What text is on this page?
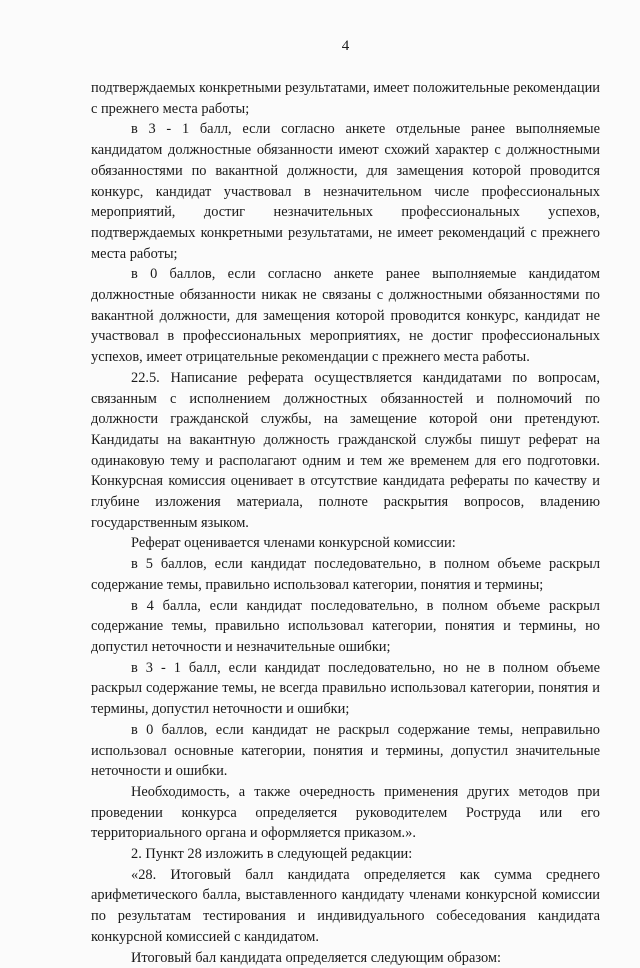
4

подтверждаемых конкретными результатами, имеет положительные рекомендации с прежнего места работы;

в 3 - 1 балл, если согласно анкете отдельные ранее выполняемые кандидатом должностные обязанности имеют схожий характер с должностными обязанностями по вакантной должности, для замещения которой проводится конкурс, кандидат участвовал в незначительном числе профессиональных мероприятий, достиг незначительных профессиональных успехов, подтверждаемых конкретными результатами, не имеет рекомендаций с прежнего места работы;

в 0 баллов, если согласно анкете ранее выполняемые кандидатом должностные обязанности никак не связаны с должностными обязанностями по вакантной должности, для замещения которой проводится конкурс, кандидат не участвовал в профессиональных мероприятиях, не достиг профессиональных успехов, имеет отрицательные рекомендации с прежнего места работы.

22.5. Написание реферата осуществляется кандидатами по вопросам, связанным с исполнением должностных обязанностей и полномочий по должности гражданской службы, на замещение которой они претендуют. Кандидаты на вакантную должность гражданской службы пишут реферат на одинаковую тему и располагают одним и тем же временем для его подготовки. Конкурсная комиссия оценивает в отсутствие кандидата рефераты по качеству и глубине изложения материала, полноте раскрытия вопросов, владению государственным языком.

Реферат оценивается членами конкурсной комиссии:

в 5 баллов, если кандидат последовательно, в полном объеме раскрыл содержание темы, правильно использовал категории, понятия и термины;

в 4 балла, если кандидат последовательно, в полном объеме раскрыл содержание темы, правильно использовал категории, понятия и термины, но допустил неточности и незначительные ошибки;

в 3 - 1 балл, если кандидат последовательно, но не в полном объеме раскрыл содержание темы, не всегда правильно использовал категории, понятия и термины, допустил неточности и ошибки;

в 0 баллов, если кандидат не раскрыл содержание темы, неправильно использовал основные категории, понятия и термины, допустил значительные неточности и ошибки.

Необходимость, а также очередность применения других методов при проведении конкурса определяется руководителем Роструда или его территориального органа и оформляется приказом.».

2. Пункт 28 изложить в следующей редакции:

«28. Итоговый балл кандидата определяется как сумма среднего арифметического балла, выставленного кандидату членами конкурсной комиссии по результатам тестирования и индивидуального собеседования кандидата конкурсной комиссией с кандидатом.

Итоговый бал кандидата определяется следующим образом:
